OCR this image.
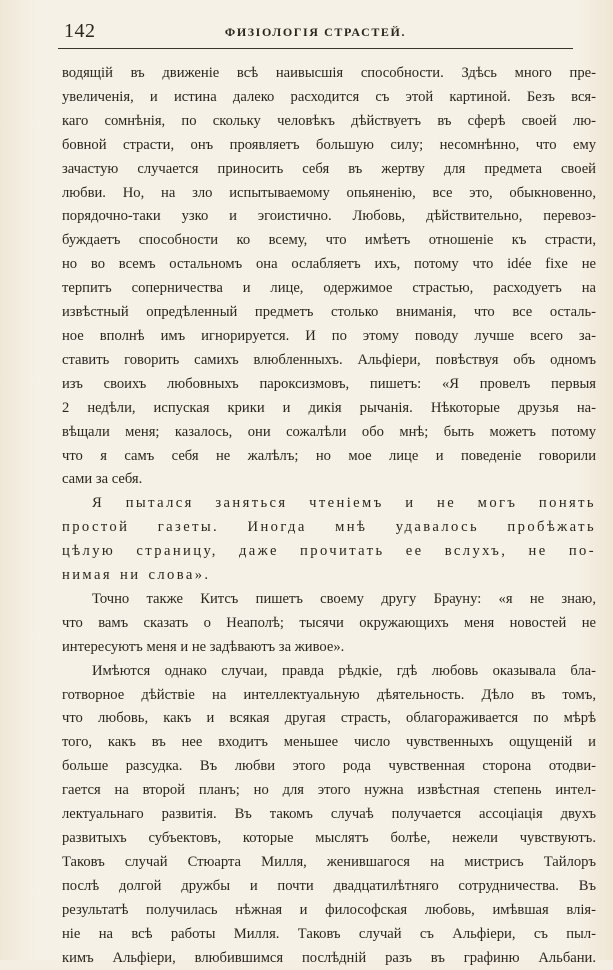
142	ФИЗIОЛОГIЯ СТРАСТЕЙ.
водящiй въ движенiе всѣ наивысшiя способности. Здѣсь много пре-
увеличенiя, и истина далеко расходится съ этой картиной. Безъ вся-
каго сомнѣнiя, по скольку человѣкъ дѣйствуетъ въ сферѣ своей лю-
бовной страсти, онъ проявляетъ большую силу; несомнѣнно, что ему
зачастую случается приносить себя въ жертву для предмета своей
любви. Но, на зло испытываемому опьяненiю, все это, обыкновенно,
порядочно-таки узко и эгоистично. Любовь, дѣйствительно, перевоз-
буждаетъ способности ко всему, что имѣетъ отношенiе къ страсти,
но во всемъ остальномъ она ослабляетъ ихъ, потому что idée fixe не
терпитъ соперничества и лице, одержимое страстью, расходуетъ на
извѣстный опредѣленный предметъ столько вниманiя, что все осталь-
ное вполнѣ имъ игнорируется. И по этому поводу лучше всего за-
ставить говорить самихъ влюбленныхъ. Альфiери, повѣствуя объ одномъ
изъ своихъ любовныхъ пароксизмовъ, пишетъ: «Я провелъ первыя
2 недѣли, испуская крики и дикiя рычанiя. Нѣкоторые друзья на-
вѣщали меня; казалось, они сожалѣли обо мнѣ; быть можетъ потому
что я самъ себя не жалѣлъ; но мое лице и поведенiе говорили
сами за себя.
Я пытался заняться чтенiемъ и не могъ понять
простой газеты. Иногда мнѣ удавалось пробѣжать
цѣлую страницу, даже прочитать ее вслухъ, не по-
нимая ни слова».
Точно также Китсъ пишетъ своему другу Брауну: «я не знаю,
что вамъ сказать о Неаполѣ; тысячи окружающихъ меня новостей не
интересуютъ меня и не задѣваютъ за живое».
Имѣются однако случаи, правда рѣдкiе, гдѣ любовь оказывала бла-
готворное дѣйствiе на интеллектуальную дѣятельность. Дѣло въ томъ,
что любовь, какъ и всякая другая страсть, облагораживается по мѣрѣ
того, какъ въ нее входитъ меньшее число чувственныхъ ощущенiй и
больше разсудка. Въ любви этого рода чувственная сторона отодви-
гается на второй планъ; но для этого нужна извѣстная степень интел-
лектуальнаго развитiя. Въ такомъ случаѣ получается ассоцiацiя двухъ
развитыхъ субъектовъ, которые мыслятъ болѣе, нежели чувствуютъ.
Таковъ случай Стюарта Милля, женившагося на мистрисъ Тайлоръ
послѣ долгой дружбы и почти двадцатилѣтняго сотрудничества. Въ
результатѣ получилась нѣжная и философская любовь, имѣвшая влiя-
нiе на всѣ работы Милля. Таковъ случай съ Альфiери, съ пыл-
кимъ Альфiери, влюбившимся послѣднiй разъ въ графиню Альбани.
